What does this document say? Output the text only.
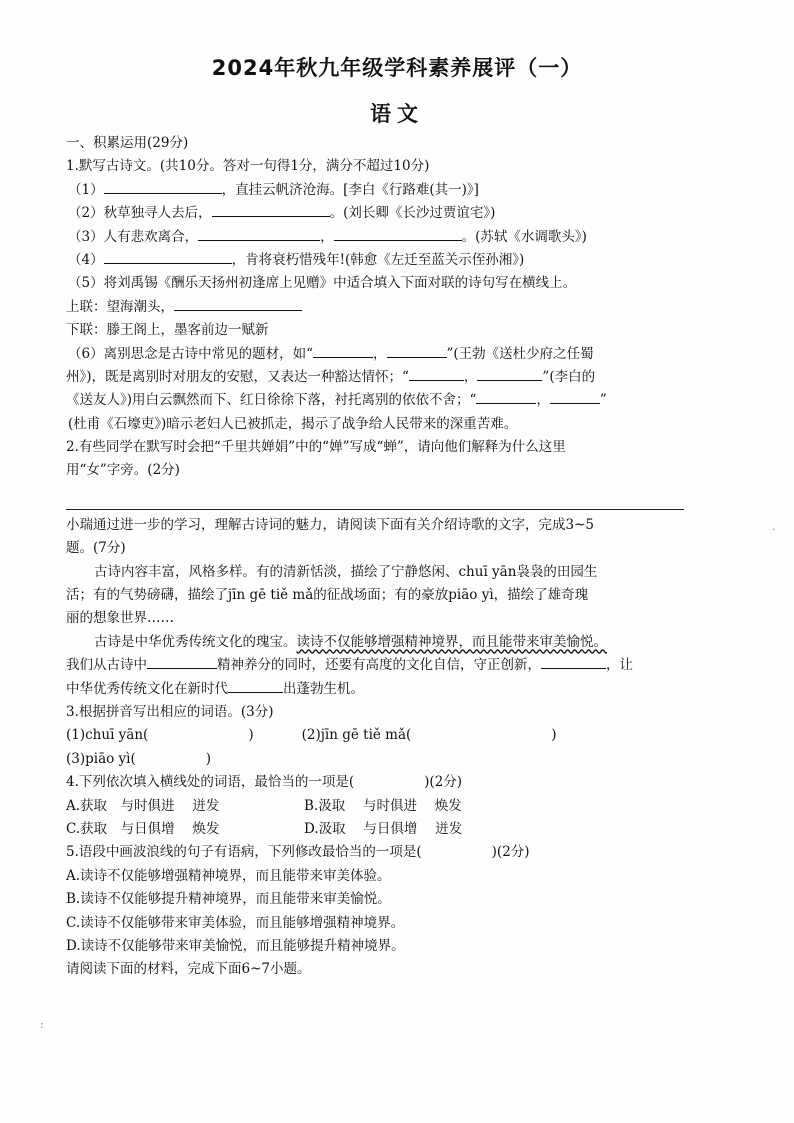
2024年秋九年级学科素养展评（一）
语文
一、积累运用(29分)
1.默写古诗文。(共10分。答对一句得1分，满分不超过10分)
（1）	，直挂云帆济沧海。[李白《行路难(其一)》]
（2）秋草独寻人去后，	。(刘长卿《长沙过贾谊宅》)
（3）人有悲欢离合，	，	。(苏轼《水调歌头》)
（4）	，肯将衰朽惜残年!(韩愈《左迁至蓝关示侄孙湘》)
（5）将刘禹锡《酬乐天扬州初逢席上见赠》中适合填入下面对联的诗句写在横线上。
上联：望海潮头，
下联：滕王阁上，墨客前边一赋新
（6）离别思念是古诗中常见的题材，如“	，	”(王勃《送杜少府之任蜀
州》)，既是离别时对朋友的安慰，又表达一种豁达情怀；“	，	”(李白的
《送友人》)用白云飘然而下、红日徐徐下落，衬托离别的依依不舍；“	，	”
(杜甫《石壕吏》)暗示老妇人已被抓走，揭示了战争给人民带来的深重苦难。
2.有些同学在默写时会把“千里共婵娟”中的“婵”写成“蝉”，请向他们解释为什么这里
用“女”字旁。(2分)
小瑞通过进一步的学习，理解古诗词的魅力，请阅读下面有关介绍诗歌的文字，完成3~5
题。(7分)
古诗内容丰富，风格多样。有的清新恬淡，描绘了宁静悠闲、chuī yān袅袅的田园生
活；有的气势磅礴，描绘了jīn gē tiě mǎ的征战场面；有的豪放piāo yì，描绘了雄奇瑰
丽的想象世界……
古诗是中华优秀传统文化的瑰宝。读诗不仅能够增强精神境界，而且能带来审美愉悦。
我们从古诗中	精神养分的同时，还要有高度的文化自信，守正创新，	，让
中华优秀传统文化在新时代	出蓬勃生机。
3.根据拼音写出相应的词语。(3分)
(1)chuī yān(	)	(2)jīn gē tiě mǎ(	)
(3)piāo yì(	)
4.下列依次填入横线处的词语，最恰当的一项是(	)(2分)
A.获取　与时俱进　 迸发	B.汲取　 与时俱进　 焕发
C.获取　与日俱增　 焕发	D.汲取　 与日俱增　 迸发
5.语段中画波浪线的句子有语病，下列修改最恰当的一项是(	)(2分)
A.读诗不仅能够增强精神境界，而且能带来审美体验。
B.读诗不仅能够提升精神境界，而且能带来审美愉悦。
C.读诗不仅能够带来审美体验，而且能够增强精神境界。
D.读诗不仅能够带来审美愉悦，而且能够提升精神境界。
请阅读下面的材料，完成下面6~7小题。
:
.
